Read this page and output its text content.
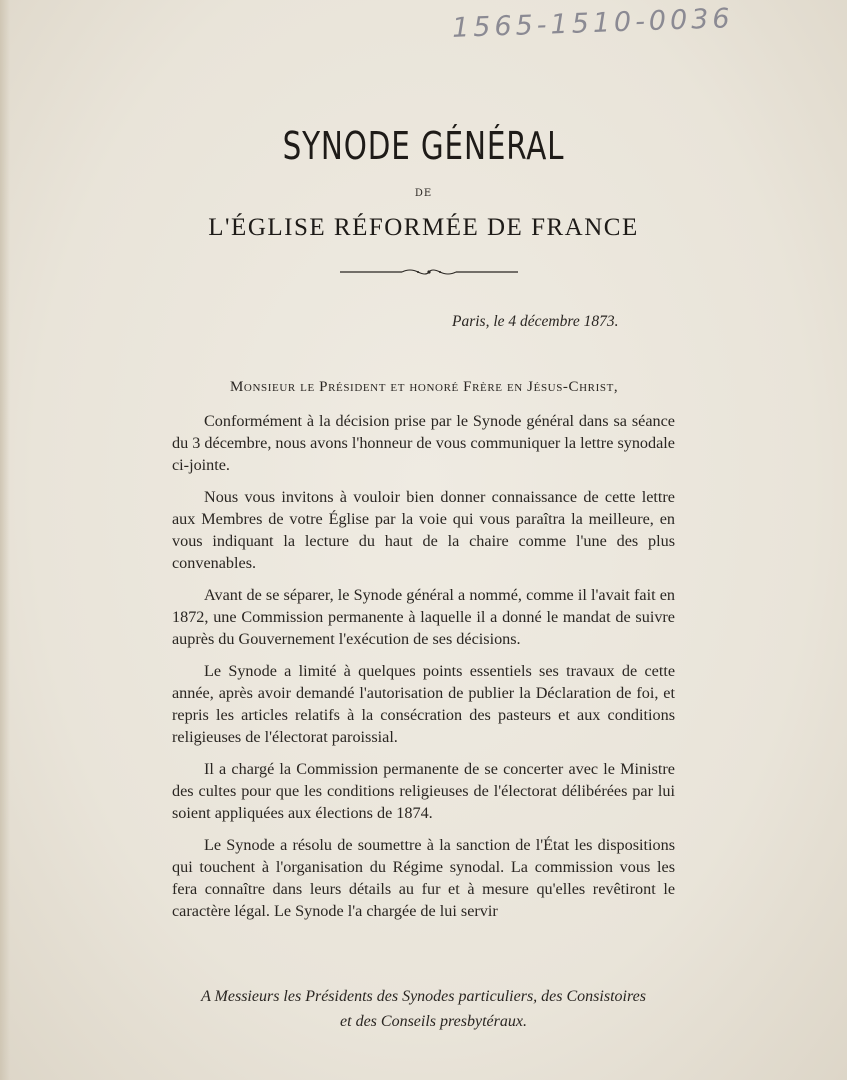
1565-1510-0036
SYNODE GÉNÉRAL
DE
L'ÉGLISE RÉFORMÉE DE FRANCE
Paris, le 4 décembre 1873.
Monsieur le Président et honoré Frère en Jésus-Christ,

Conformément à la décision prise par le Synode général dans sa séance du 3 décembre, nous avons l'honneur de vous communiquer la lettre synodale ci-jointe.

Nous vous invitons à vouloir bien donner connaissance de cette lettre aux Membres de votre Église par la voie qui vous paraîtra la meilleure, en vous indiquant la lecture du haut de la chaire comme l'une des plus convenables.

Avant de se séparer, le Synode général a nommé, comme il l'avait fait en 1872, une Commission permanente à laquelle il a donné le mandat de suivre auprès du Gouvernement l'exécution de ses décisions.

Le Synode a limité à quelques points essentiels ses travaux de cette année, après avoir demandé l'autorisation de publier la Déclaration de foi, et repris les articles relatifs à la consécration des pasteurs et aux conditions religieuses de l'électorat paroissial.

Il a chargé la Commission permanente de se concerter avec le Ministre des cultes pour que les conditions religieuses de l'électorat délibérées par lui soient appliquées aux élections de 1874.

Le Synode a résolu de soumettre à la sanction de l'État les dispositions qui touchent à l'organisation du Régime synodal. La commission vous les fera connaître dans leurs détails au fur et à mesure qu'elles revêtiront le caractère légal. Le Synode l'a chargée de lui servir

A Messieurs les Présidents des Synodes particuliers, des Consistoires
et des Conseils presbytéraux.
